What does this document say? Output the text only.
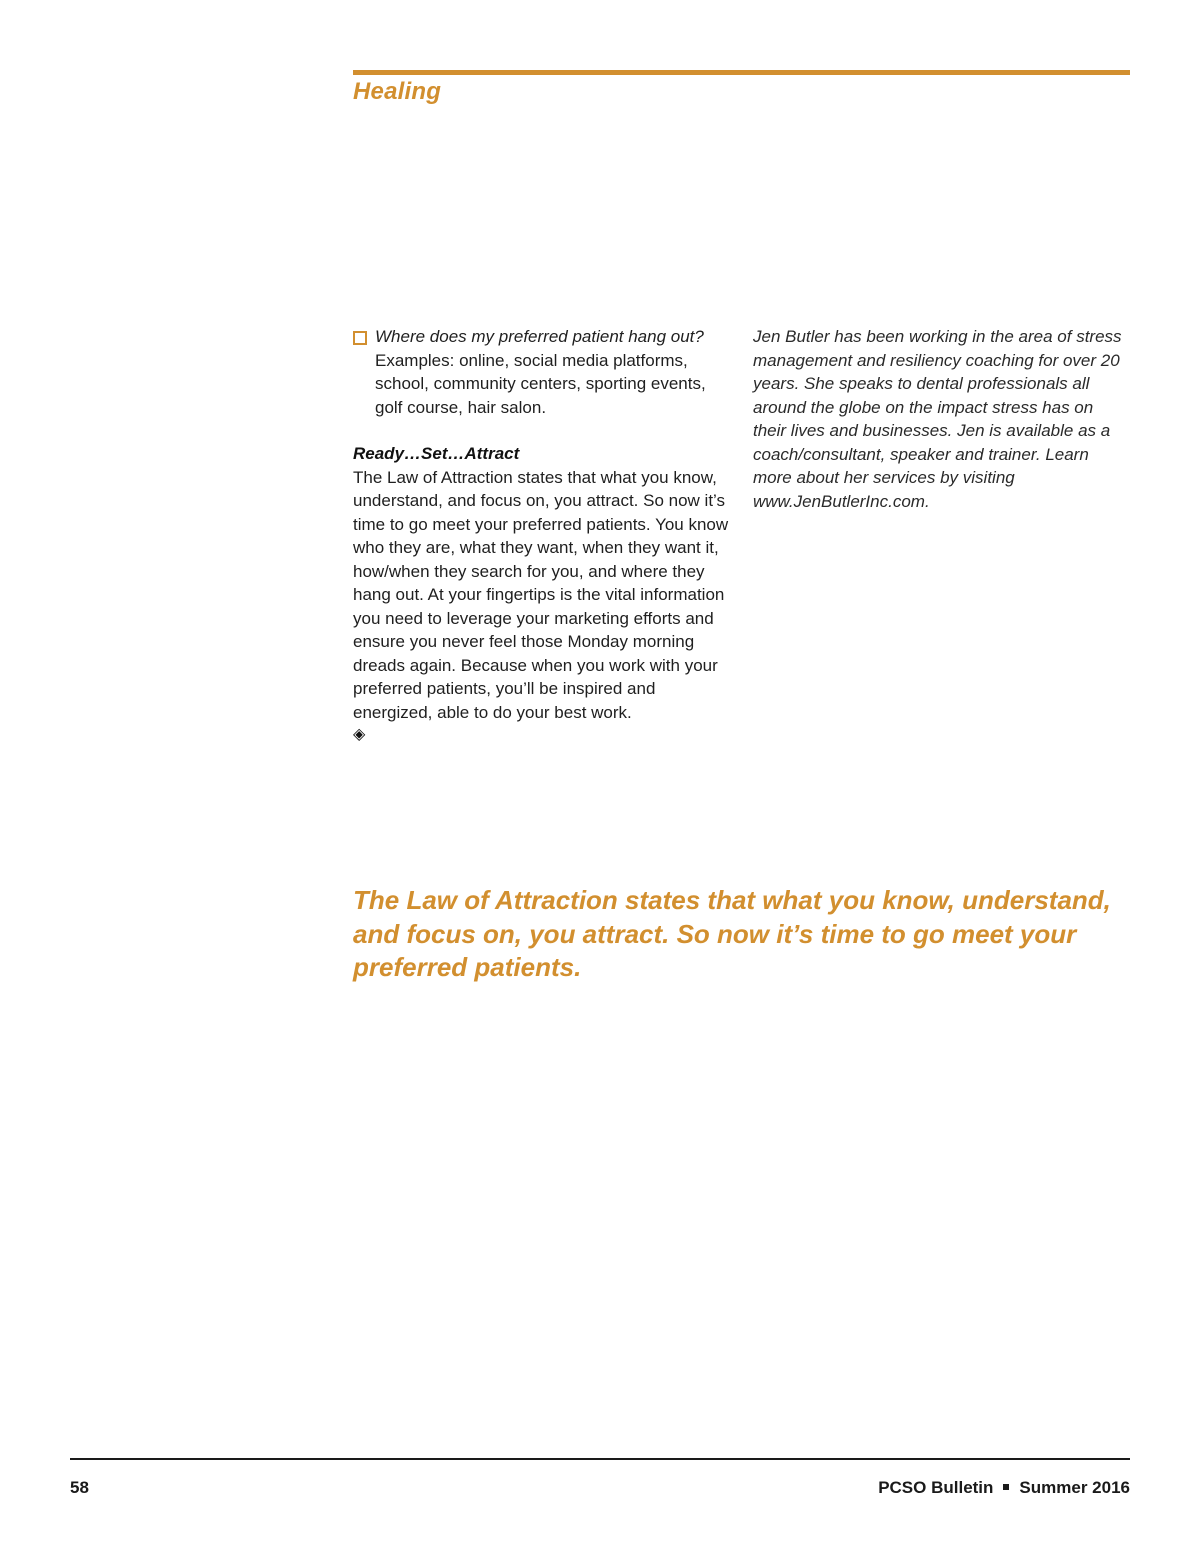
Healing
Where does my preferred patient hang out? Examples: online, social media platforms, school, community centers, sporting events, golf course, hair salon.
Ready…Set…Attract

The Law of Attraction states that what you know, understand, and focus on, you attract. So now it’s time to go meet your preferred patients. You know who they are, what they want, when they want it, how/when they search for you, and where they hang out. At your fingertips is the vital information you need to leverage your marketing efforts and ensure you never feel those Monday morning dreads again. Because when you work with your preferred patients, you’ll be inspired and energized, able to do your best work.

◈

Jen Butler has been working in the area of stress management and resiliency coaching for over 20 years. She speaks to dental professionals all around the globe on the impact stress has on their lives and businesses. Jen is available as a coach/consultant, speaker and trainer. Learn more about her services by visiting www.JenButlerInc.com.

The Law of Attraction states that what you know, understand, and focus on, you attract. So now it’s time to go meet your preferred patients.
58	PCSO Bulletin Summer 2016
